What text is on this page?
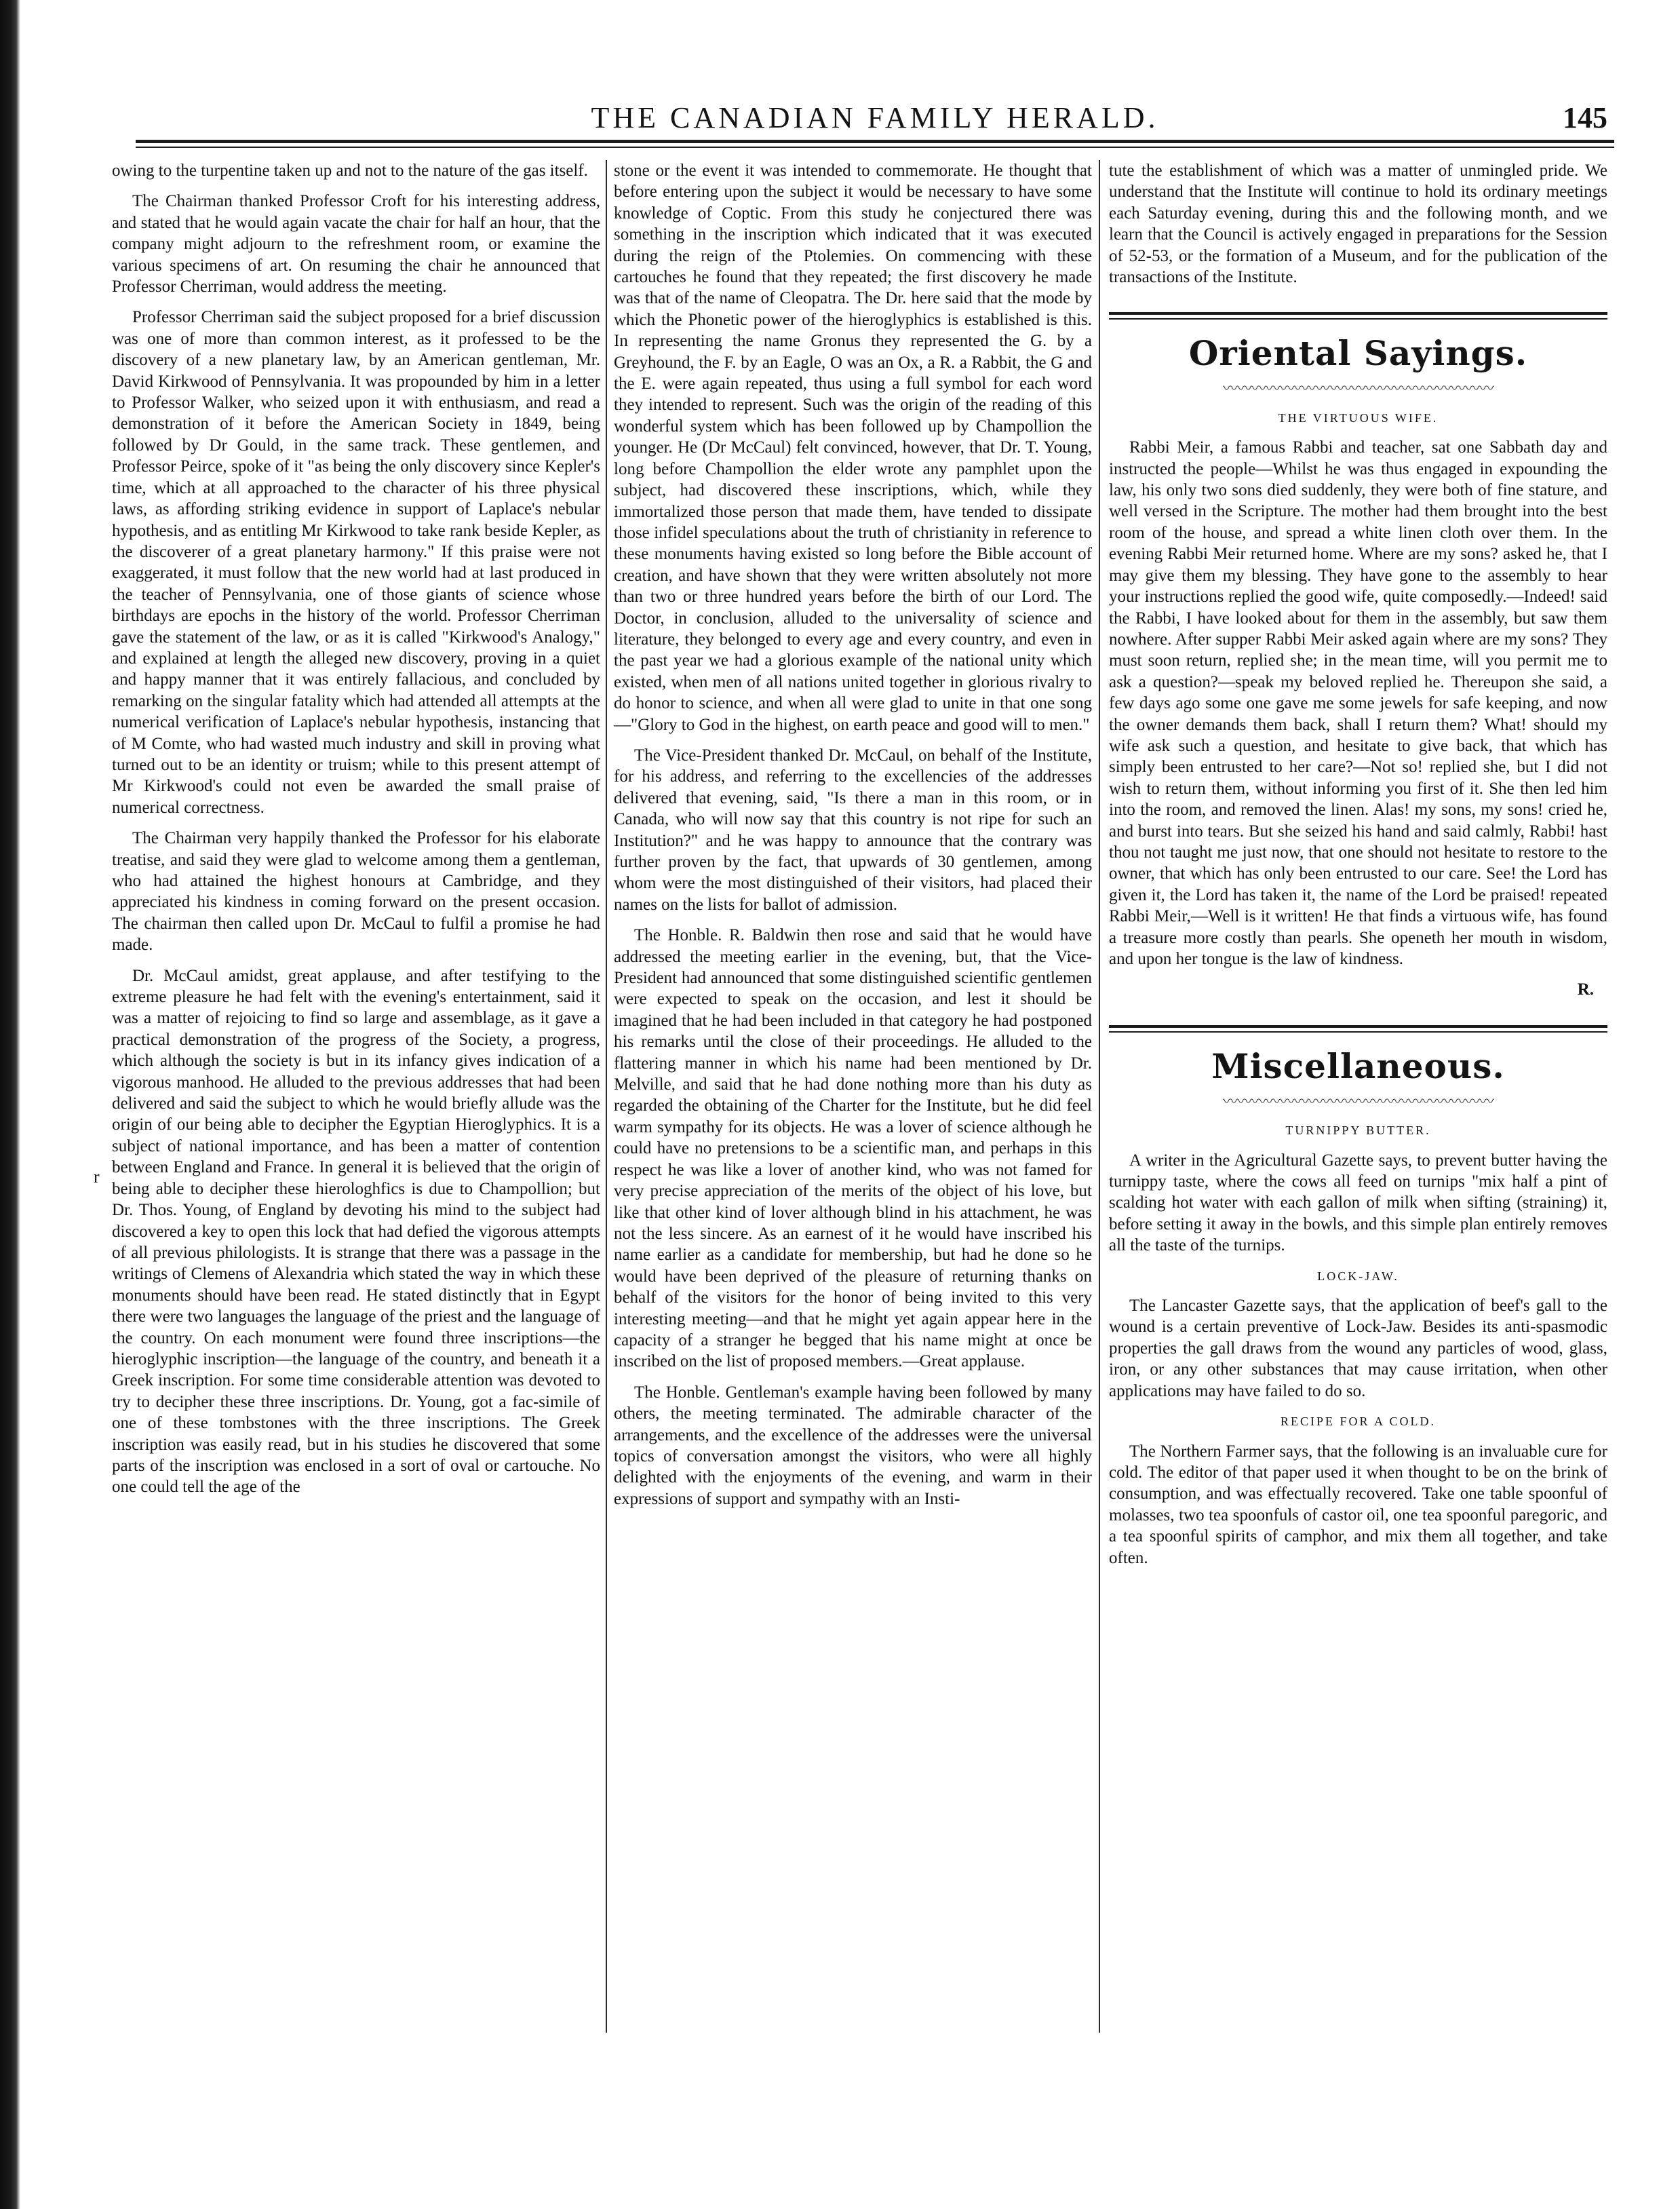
THE CANADIAN FAMILY HERALD.	145
r

owing to the turpentine taken up and not to the nature of the gas itself.

The Chairman thanked Professor Croft for his interesting address, and stated that he would again vacate the chair for half an hour, that the company might adjourn to the refreshment room, or examine the various specimens of art. On resuming the chair he announced that Professor Cherriman, would address the meeting.

Professor Cherriman said the subject proposed for a brief discussion was one of more than common interest, as it professed to be the discovery of a new planetary law, by an American gentleman, Mr. David Kirkwood of Pennsylvania. It was propounded by him in a letter to Professor Walker, who seized upon it with enthusiasm, and read a demonstration of it before the American Society in 1849, being followed by Dr Gould, in the same track. These gentlemen, and Professor Peirce, spoke of it "as being the only discovery since Kepler's time, which at all approached to the character of his three physical laws, as affording striking evidence in support of Laplace's nebular hypothesis, and as entitling Mr Kirkwood to take rank beside Kepler, as the discoverer of a great planetary harmony." If this praise were not exaggerated, it must follow that the new world had at last produced in the teacher of Pennsylvania, one of those giants of science whose birthdays are epochs in the history of the world. Professor Cherriman gave the statement of the law, or as it is called "Kirkwood's Analogy," and explained at length the alleged new discovery, proving in a quiet and happy manner that it was entirely fallacious, and concluded by remarking on the singular fatality which had attended all attempts at the numerical verification of Laplace's nebular hypothesis, instancing that of M Comte, who had wasted much industry and skill in proving what turned out to be an identity or truism; while to this present attempt of Mr Kirkwood's could not even be awarded the small praise of numerical correctness.

The Chairman very happily thanked the Professor for his elaborate treatise, and said they were glad to welcome among them a gentleman, who had attained the highest honours at Cambridge, and they appreciated his kindness in coming forward on the present occasion. The chairman then called upon Dr. McCaul to fulfil a promise he had made.

Dr. McCaul amidst, great applause, and after testifying to the extreme pleasure he had felt with the evening's entertainment, said it was a matter of rejoicing to find so large and assemblage, as it gave a practical demonstration of the progress of the Society, a progress, which although the society is but in its infancy gives indication of a vigorous manhood. He alluded to the previous addresses that had been delivered and said the subject to which he would briefly allude was the origin of our being able to decipher the Egyptian Hieroglyphics. It is a subject of national importance, and has been a matter of contention between England and France. In general it is believed that the origin of being able to decipher these hierologhfics is due to Champollion; but Dr. Thos. Young, of England by devoting his mind to the subject had discovered a key to open this lock that had defied the vigorous attempts of all previous philologists. It is strange that there was a passage in the writings of Clemens of Alexandria which stated the way in which these monuments should have been read. He stated distinctly that in Egypt there were two languages the language of the priest and the language of the country. On each monument were found three inscriptions—the hieroglyphic inscription—the language of the country, and beneath it a Greek inscription. For some time considerable attention was devoted to try to decipher these three inscriptions. Dr. Young, got a fac-simile of one of these tombstones with the three inscriptions. The Greek inscription was easily read, but in his studies he discovered that some parts of the inscription was enclosed in a sort of oval or cartouche. No one could tell the age of the

stone or the event it was intended to commemorate. He thought that before entering upon the subject it would be necessary to have some knowledge of Coptic. From this study he conjectured there was something in the inscription which indicated that it was executed during the reign of the Ptolemies. On commencing with these cartouches he found that they repeated; the first discovery he made was that of the name of Cleopatra. The Dr. here said that the mode by which the Phonetic power of the hieroglyphics is established is this. In representing the name Gronus they represented the G. by a Greyhound, the F. by an Eagle, O was an Ox, a R. a Rabbit, the G and the E. were again repeated, thus using a full symbol for each word they intended to represent. Such was the origin of the reading of this wonderful system which has been followed up by Champollion the younger. He (Dr McCaul) felt convinced, however, that Dr. T. Young, long before Champollion the elder wrote any pamphlet upon the subject, had discovered these inscriptions, which, while they immortalized those person that made them, have tended to dissipate those infidel speculations about the truth of christianity in reference to these monuments having existed so long before the Bible account of creation, and have shown that they were written absolutely not more than two or three hundred years before the birth of our Lord. The Doctor, in conclusion, alluded to the universality of science and literature, they belonged to every age and every country, and even in the past year we had a glorious example of the national unity which existed, when men of all nations united together in glorious rivalry to do honor to science, and when all were glad to unite in that one song—"Glory to God in the highest, on earth peace and good will to men."

The Vice-President thanked Dr. McCaul, on behalf of the Institute, for his address, and referring to the excellencies of the addresses delivered that evening, said, "Is there a man in this room, or in Canada, who will now say that this country is not ripe for such an Institution?" and he was happy to announce that the contrary was further proven by the fact, that upwards of 30 gentlemen, among whom were the most distinguished of their visitors, had placed their names on the lists for ballot of admission.

The Honble. R. Baldwin then rose and said that he would have addressed the meeting earlier in the evening, but, that the Vice-President had announced that some distinguished scientific gentlemen were expected to speak on the occasion, and lest it should be imagined that he had been included in that category he had postponed his remarks until the close of their proceedings. He alluded to the flattering manner in which his name had been mentioned by Dr. Melville, and said that he had done nothing more than his duty as regarded the obtaining of the Charter for the Institute, but he did feel warm sympathy for its objects. He was a lover of science although he could have no pretensions to be a scientific man, and perhaps in this respect he was like a lover of another kind, who was not famed for very precise appreciation of the merits of the object of his love, but like that other kind of lover although blind in his attachment, he was not the less sincere. As an earnest of it he would have inscribed his name earlier as a candidate for membership, but had he done so he would have been deprived of the pleasure of returning thanks on behalf of the visitors for the honor of being invited to this very interesting meeting—and that he might yet again appear here in the capacity of a stranger he begged that his name might at once be inscribed on the list of proposed members.—Great applause.

The Honble. Gentleman's example having been followed by many others, the meeting terminated. The admirable character of the arrangements, and the excellence of the addresses were the universal topics of conversation amongst the visitors, who were all highly delighted with the enjoyments of the evening, and warm in their expressions of support and sympathy with an Insti-

tute the establishment of which was a matter of unmingled pride. We understand that the Institute will continue to hold its ordinary meetings each Saturday evening, during this and the following month, and we learn that the Council is actively engaged in preparations for the Session of 52-53, or the formation of a Museum, and for the publication of the transactions of the Institute.

Oriental Sayings.
〰〰〰〰〰〰〰〰〰〰〰〰〰〰〰〰〰〰〰
THE VIRTUOUS WIFE.

Rabbi Meir, a famous Rabbi and teacher, sat one Sabbath day and instructed the people—Whilst he was thus engaged in expounding the law, his only two sons died suddenly, they were both of fine stature, and well versed in the Scripture. The mother had them brought into the best room of the house, and spread a white linen cloth over them. In the evening Rabbi Meir returned home. Where are my sons? asked he, that I may give them my blessing. They have gone to the assembly to hear your instructions replied the good wife, quite composedly.—Indeed! said the Rabbi, I have looked about for them in the assembly, but saw them nowhere. After supper Rabbi Meir asked again where are my sons? They must soon return, replied she; in the mean time, will you permit me to ask a question?—speak my beloved replied he. Thereupon she said, a few days ago some one gave me some jewels for safe keeping, and now the owner demands them back, shall I return them? What! should my wife ask such a question, and hesitate to give back, that which has simply been entrusted to her care?—Not so! replied she, but I did not wish to return them, without informing you first of it. She then led him into the room, and removed the linen. Alas! my sons, my sons! cried he, and burst into tears. But she seized his hand and said calmly, Rabbi! hast thou not taught me just now, that one should not hesitate to restore to the owner, that which has only been entrusted to our care. See! the Lord has given it, the Lord has taken it, the name of the Lord be praised! repeated Rabbi Meir,—Well is it written! He that finds a virtuous wife, has found a treasure more costly than pearls. She openeth her mouth in wisdom, and upon her tongue is the law of kindness.

R.
Miscellaneous.
〰〰〰〰〰〰〰〰〰〰〰〰〰〰〰〰〰〰〰
TURNIPPY BUTTER.

A writer in the Agricultural Gazette says, to prevent butter having the turnippy taste, where the cows all feed on turnips "mix half a pint of scalding hot water with each gallon of milk when sifting (straining) it, before setting it away in the bowls, and this simple plan entirely removes all the taste of the turnips.

LOCK-JAW.

The Lancaster Gazette says, that the application of beef's gall to the wound is a certain preventive of Lock-Jaw. Besides its anti-spasmodic properties the gall draws from the wound any particles of wood, glass, iron, or any other substances that may cause irritation, when other applications may have failed to do so.

RECIPE FOR A COLD.

The Northern Farmer says, that the following is an invaluable cure for cold. The editor of that paper used it when thought to be on the brink of consumption, and was effectually recovered. Take one table spoonful of molasses, two tea spoonfuls of castor oil, one tea spoonful paregoric, and a tea spoonful spirits of camphor, and mix them all together, and take often.
